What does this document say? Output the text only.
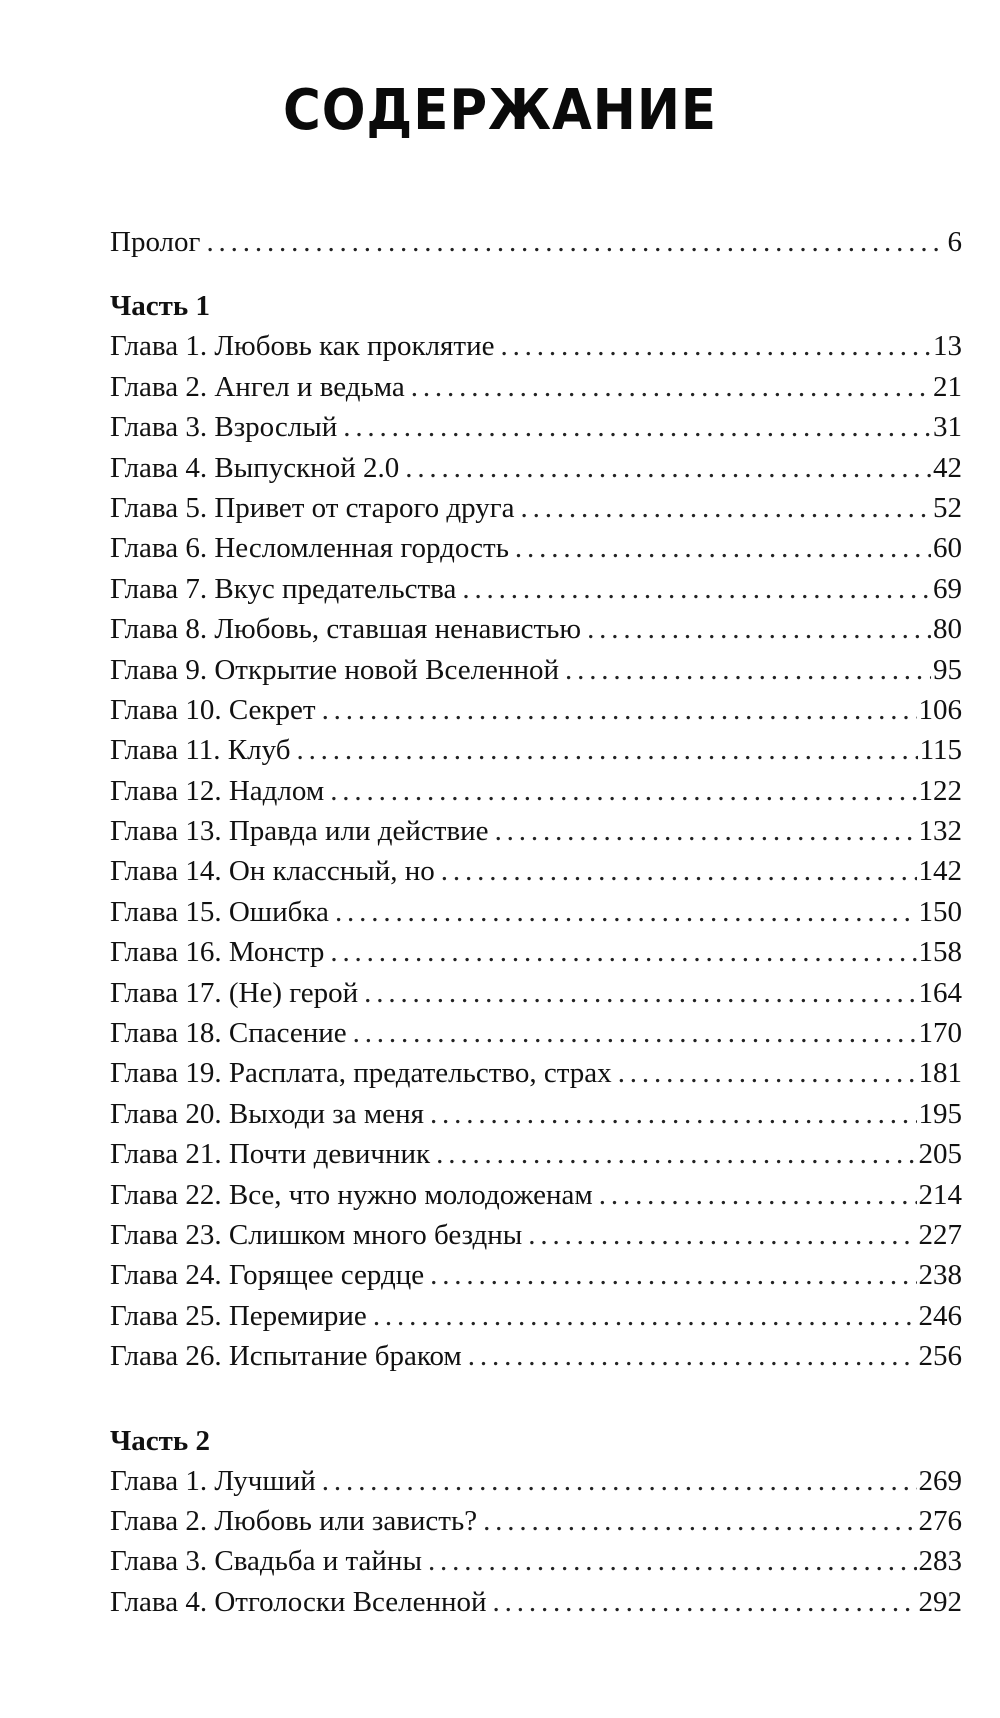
СОДЕРЖАНИЕ
Пролог . . .	6
Часть 1
Глава 1. Любовь как проклятие . . .	13
Глава 2. Ангел и ведьма . . .	21
Глава 3. Взрослый . . .	31
Глава 4. Выпускной 2.0 . . .	42
Глава 5. Привет от старого друга . . .	52
Глава 6. Несломленная гордость . . .	60
Глава 7. Вкус предательства . . .	69
Глава 8. Любовь, ставшая ненавистью . . .	80
Глава 9. Открытие новой Вселенной . . .	95
Глава 10. Секрет . . .	106
Глава 11. Клуб . . .	115
Глава 12. Надлом . . .	122
Глава 13. Правда или действие . . .	132
Глава 14. Он классный, но . . .	142
Глава 15. Ошибка . . .	150
Глава 16. Монстр . . .	158
Глава 17. (Не) герой . . .	164
Глава 18. Спасение . . .	170
Глава 19. Расплата, предательство, страх . . .	181
Глава 20. Выходи за меня . . .	195
Глава 21. Почти девичник . . .	205
Глава 22. Все, что нужно молодоженам . . .	214
Глава 23. Слишком много бездны . . .	227
Глава 24. Горящее сердце . . .	238
Глава 25. Перемирие . . .	246
Глава 26. Испытание браком . . .	256
Часть 2
Глава 1. Лучший . . .	269
Глава 2. Любовь или зависть? . . .	276
Глава 3. Свадьба и тайны . . .	283
Глава 4. Отголоски Вселенной . . .	292
